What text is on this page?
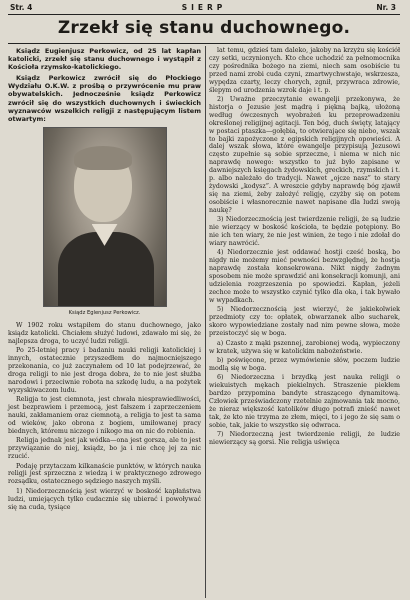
Str. 4	SIERP	Nr. 3
Zrzekł się stanu duchownego.

Ksiądz Eugienjusz Perkowicz, od 25 lat kapłan katolicki, zrzekł się stanu duchownego i wystąpił z Kościoła rzymsko-katolickiego.

Ksiądz Perkowicz zwrócił się do Płockiego Wydziału O.K.W. z prośbą o przywrócenie mu praw obywatelskich. Jednocześnie ksiądz Perkowicz zwrócił się do wszystkich duchownych i świeckich wyznawców wszelkich religji z następującym listem otwartym:

Ksiądz Eglenjusz Perkowicz.

W 1902 roku wstąpiłem do stanu duchownego, jako ksiądz katolicki. Chciałem służyć ludowi, zdawało mi się, że najlepsza droga, to uczyć ludzi religji.

Po 25-letniej pracy i badaniu nauki religji katolickiej i innych, ostatecznie przyszedłem do najmocniejszego przekonania, co już zaczynałem od 10 lat podejrzewać, że droga religji to nie jest droga dobra, że to nie jest służba narodowi i przeciwnie robota na szkodę ludu, a na pożytek wyzyskiwaczom ludu.

Religja to jest ciemnota, jest chwała niesprawiedliwości, jest bezprawiem i przemocą, jest fałszem i zaprzeczeniem nauki, zakłamaniem oraz ciemnotą, a religja to jest ta sama od wieków, jako obrona z bogiem, umiłowanej pracy biednych, któremu niczego i nikogo ma on nic do robienia.

Religja jednak jest jak wódka—ona jest gorsza, ale to jest przywiązanie do niej, ksiądz, bo ja i nie chcę jej za nic rzucić.

Podaję przytaczam kilkanaście punktów, w których nauka religji jest sprzeczna z wiedzą i w praktycznego zdrowego rozsądku, ostatecznego sędziego naszych myśli.

1) Niedorzecznością jest wierzyć w boskość kapłaństwa ludzi, umiejących tylko cudacznie się ubierać i powoływać się na cuda, tysiące

lat temu, gdzieś tam daleko, jakoby na krzyżu się kościół czy setki, uczynionych. Kto chce uchodzić za pełnomocnika czy pośrednika bożego na ziemi, niech sam osobiście tu przed nami zrobi cuda czyni, zmartwychwstaje, wskrzesza, wypędza czarty, leczy chorych, zgnił, przywraca zdrowie, ślepym od urodzenia wzrok daje i t. p.

2) Uważne przeczytanie ewangelji przekonywa, że historja o Jezusie jest mądrą i piękną bajką, ułożoną według ówczesnych wyobrażeń ku przeprowadzeniu określonej religijnej agitacji. Ten bóg, duch święty, latający w postaci ptaszka—gołębia, to otwierające się niebo, wszak to bajki zapożyczone z egipskich religijnych opowieści. A dalej wszak słowa, które ewangelje przypisują Jezusowi często zupełnie są sobie sprzeczne, i niema w nich nic naprawdę nowego: wszystko to już było zapisane w dawniejszych księgach żydowskich, greckich, rzymskich i t. p. albo należało do tradycji. Nawet „ojcze nasz” to stary żydowski „kodysz”. A wreszcie gdyby naprawdę bóg zjawił się na ziemi, żeby założyć religję, czyżby się on potem osobiście i własnorecznie nawet napisane dla ludzi swoją naukę?

3) Niedorzecznością jest twierdzenie religji, że są ludzie nie wierzący w boskość kościoła, te będzie potępiony. Bo nie ich ten wiary, że nie jest winien, że tego i nie zdołał do wiary nawrócić.

4) Niedorzecznie jest oddawać hostji cześć boską, bo nigdy nie możemy mieć pewności bezwzględnej, że hostja naprawdę została konsekrowana. Nikt nigdy żadnym sposobem nie może sprawdzić ani konsekracji komunji, ani udzielenia rozgrzeszenia po spowiedzi. Kapłan, jeżeli zechce może to wszystko czynić tylko dla oka, i tak bywało w wypadkach.

5) Niedorzecznością jest wierzyć, że jakiekolwiek przedmioty czy to: opłatek, obwarzanek albo sucharek, skoro wypowiedziane zostały nad nim pewne słowa, może przeistoczyć się w boga.

a) Czasto z mąki pszennej, zarobionej wodą, wypieczony w kratek, używa się w katolickim nabożeństwie.

b) poświęcone, przez wymówienie słów, poczem ludzie modlą się w boga.

6) Niedorzeczna i brzydką jest nauka religji o wiekuistych mękach piekielnych. Straszenie piekłem bardzo przypomina bandyte straszącego dynamitową. Człowiek przeświadczony rzetelnie zajmowania tak mocno, że nieraz większość katolików długo potrafi znieść nawet tak, że kto nie trzyma ze złem, mięci, to i jego że się sam o sobie, tak, jakie to wszystko się odwraca.

7) Niedorzeczną jest twierdzenie religji, że ludzie niewierzący są gorsi. Nie religja uświęca
